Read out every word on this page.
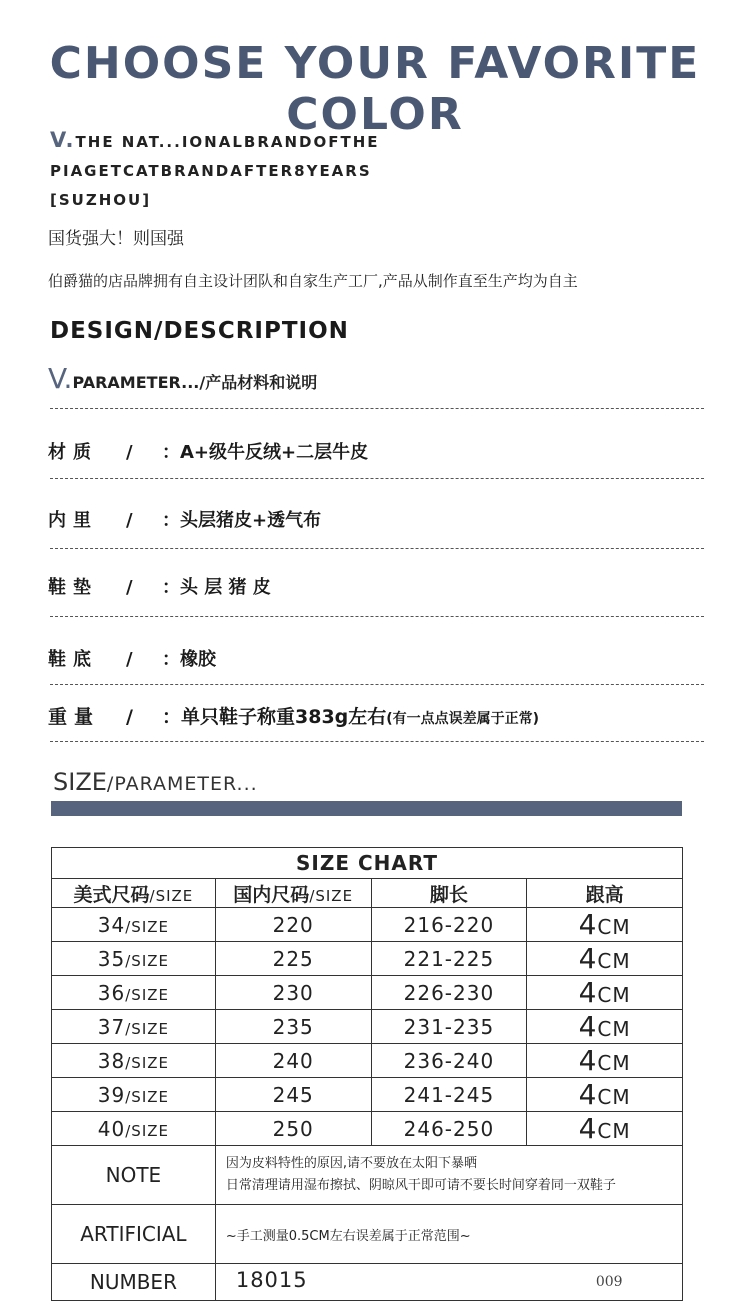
CHOOSE YOUR FAVORITE COLOR
V.THE NAT...IONALBRANDOFTHE
PIAGETCATBRANDAFTER8YEARS
[SUZHOU]
国货强大！则国强
伯爵猫的店品牌拥有自主设计团队和自家生产工厂,产品从制作直至生产均为自主
DESIGN/DESCRIPTION
V.PARAMETER.../产品材料和说明
材质 / ：A+级牛反绒+二层牛皮
内里 / ：头层猪皮+透气布
鞋垫 / ：头 层 猪 皮
鞋底 / ：橡胶
重量 / ：单只鞋子称重383g左右(有一点点误差属于正常)
SIZE/PARAMETER...
SIZE CHART			
美式尺码/SIZE	国内尺码/SIZE	脚长	跟高
34/SIZE	220	216-220	4CM
35/SIZE	225	221-225	4CM
36/SIZE	230	226-230	4CM
37/SIZE	235	231-235	4CM
38/SIZE	240	236-240	4CM
39/SIZE	245	241-245	4CM
40/SIZE	250	246-250	4CM
NOTE	因为皮料特性的原因,请不要放在太阳下暴晒
日常清理请用湿布擦拭、阴晾风干即可请不要长时间穿着同一双鞋子		

ARTIFICIAL	~手工测量0.5CM左右误差属于正常范围~		
NUMBER	18015 009		
